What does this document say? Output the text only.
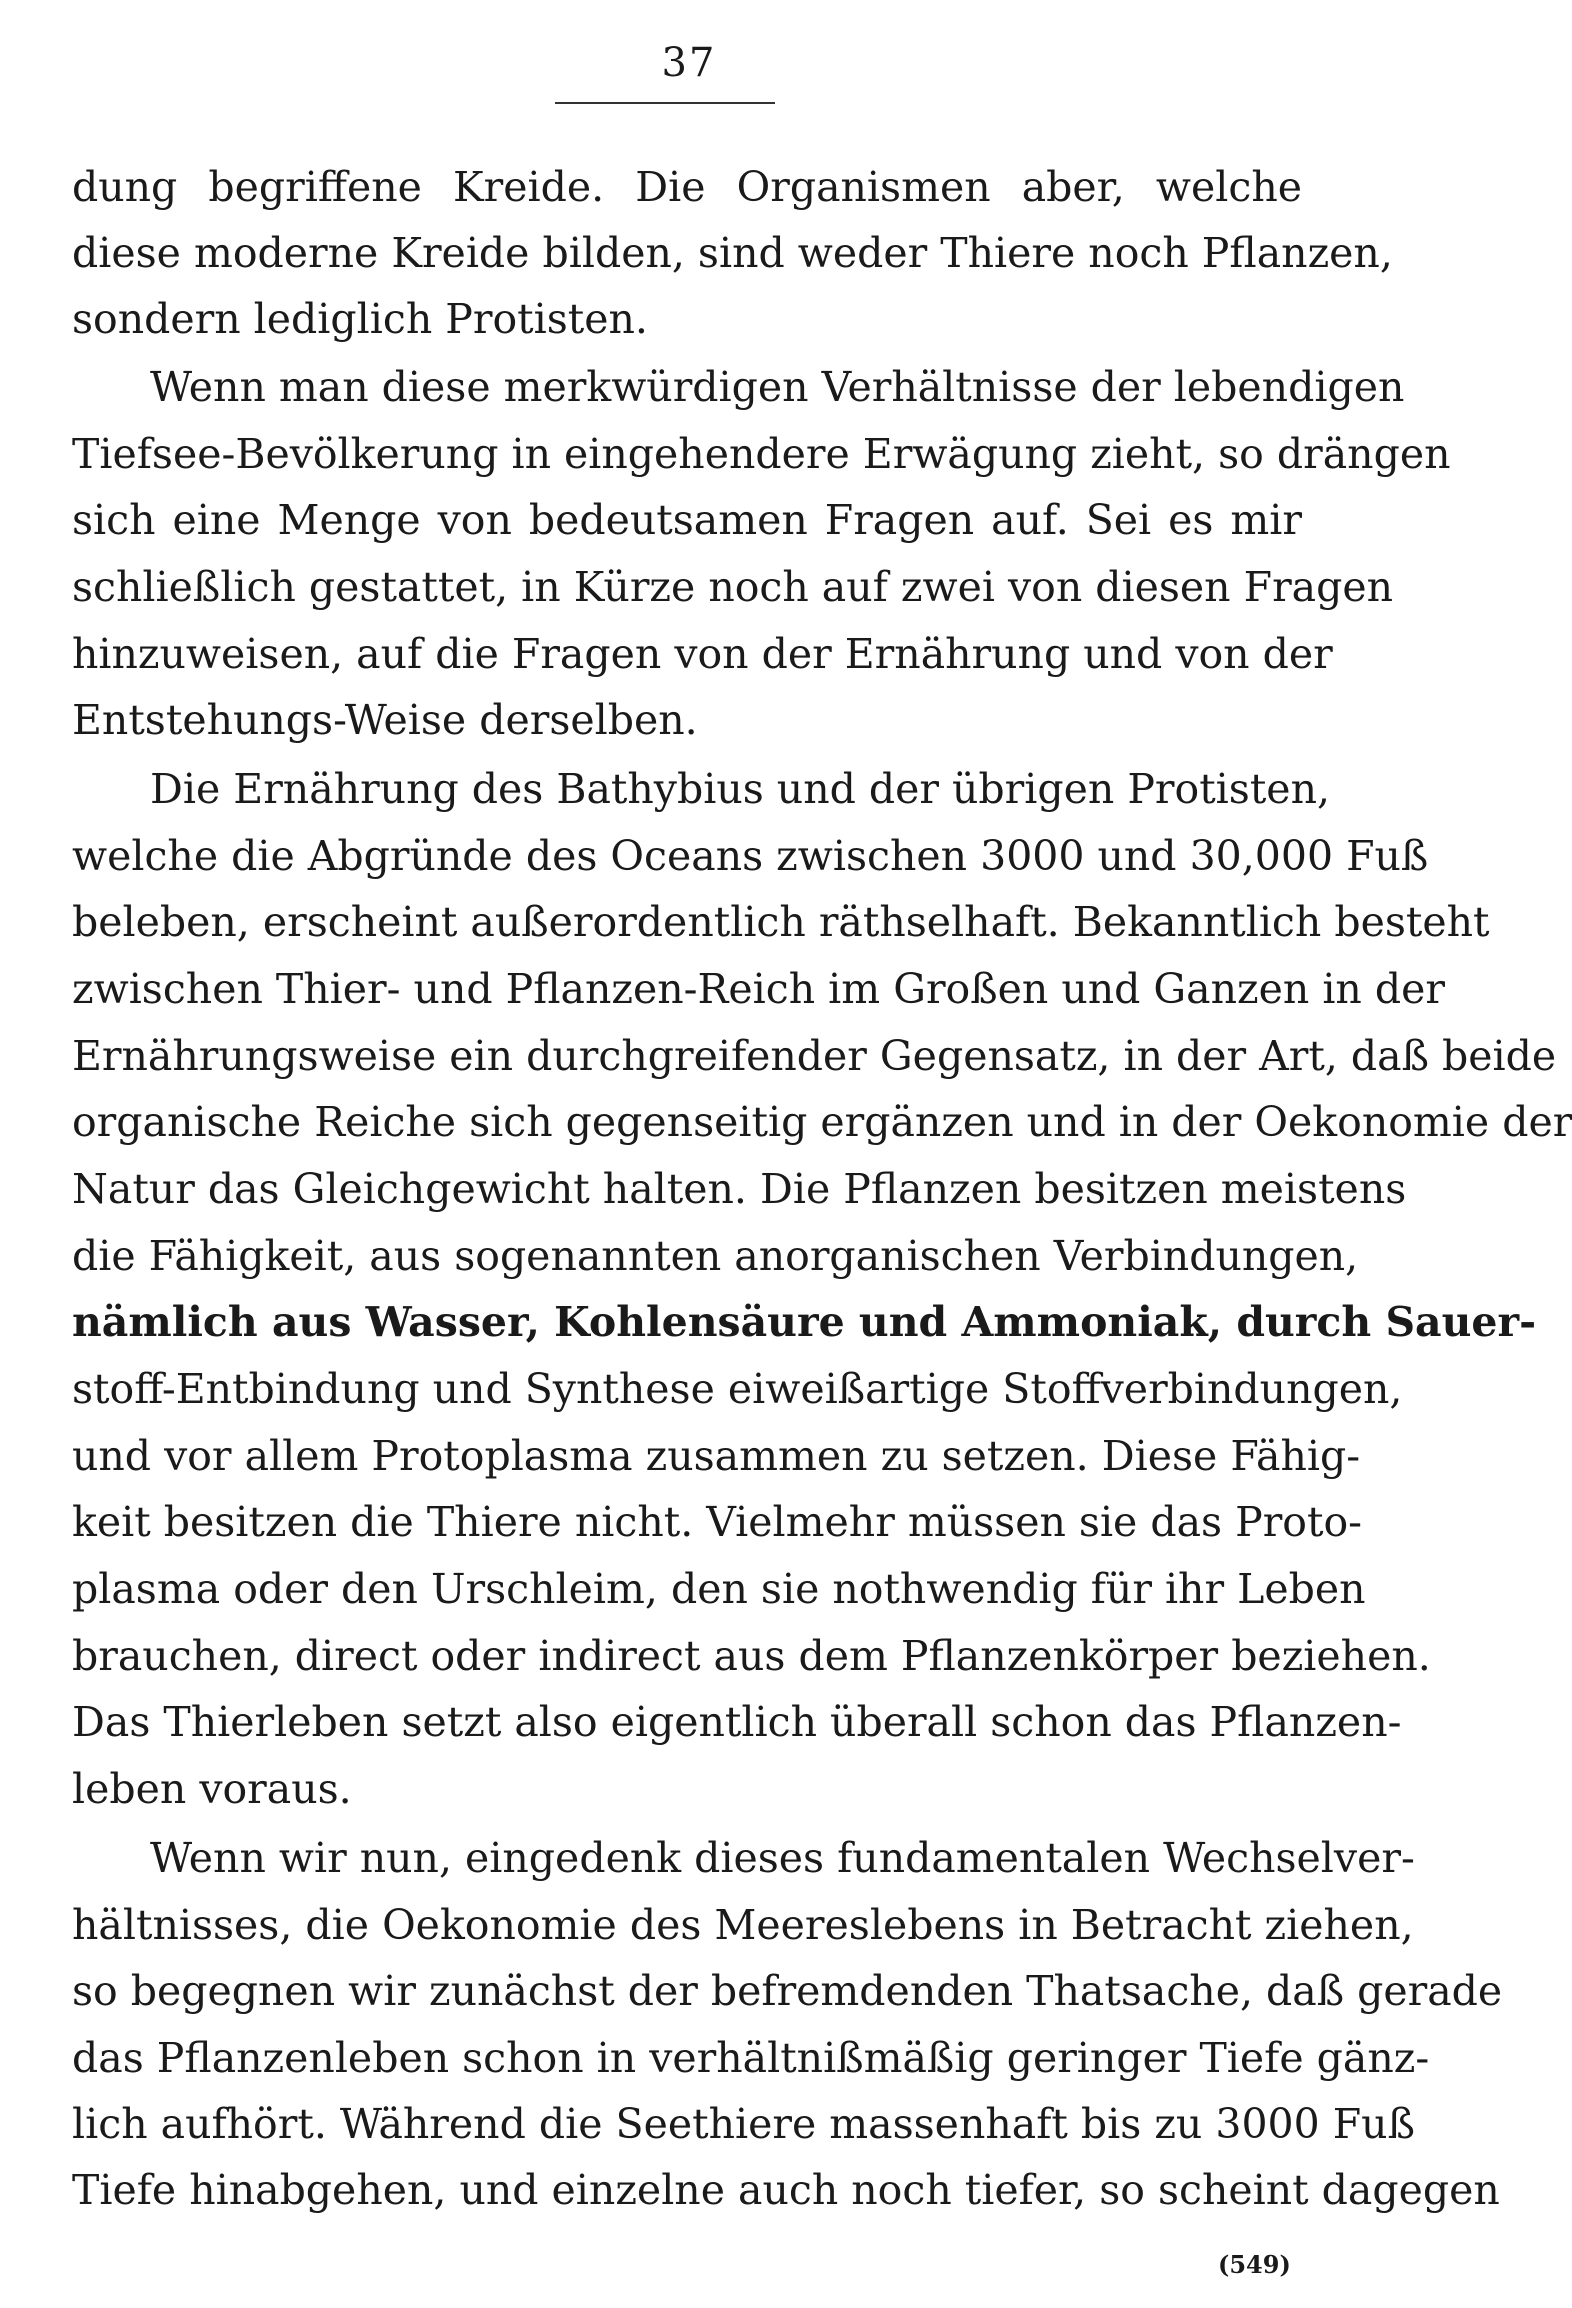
37
dung begriffene Kreide. Die Organismen aber, welche
diese moderne Kreide bilden, sind weder Thiere noch Pflanzen,
sondern lediglich Protisten.
Wenn man diese merkwürdigen Verhältnisse der lebendigen
Tiefsee-Bevölkerung in eingehendere Erwägung zieht, so drängen
sich eine Menge von bedeutsamen Fragen auf. Sei es mir
schließlich gestattet, in Kürze noch auf zwei von diesen Fragen
hinzuweisen, auf die Fragen von der Ernährung und von der
Entstehungs-Weise derselben.
Die Ernährung des Bathybius und der übrigen Protisten,
welche die Abgründe des Oceans zwischen 3000 und 30,000 Fuß
beleben, erscheint außerordentlich räthselhaft. Bekanntlich besteht
zwischen Thier- und Pflanzen-Reich im Großen und Ganzen in der
Ernährungsweise ein durchgreifender Gegensatz, in der Art, daß beide
organische Reiche sich gegenseitig ergänzen und in der Oekonomie der
Natur das Gleichgewicht halten. Die Pflanzen besitzen meistens
die Fähigkeit, aus sogenannten anorganischen Verbindungen,
nämlich aus Wasser, Kohlensäure und Ammoniak, durch Sauer-
stoff-Entbindung und Synthese eiweißartige Stoffverbindungen,
und vor allem Protoplasma zusammen zu setzen. Diese Fähig-
keit besitzen die Thiere nicht. Vielmehr müssen sie das Proto-
plasma oder den Urschleim, den sie nothwendig für ihr Leben
brauchen, direct oder indirect aus dem Pflanzenkörper beziehen.
Das Thierleben setzt also eigentlich überall schon das Pflanzen-
leben voraus.
Wenn wir nun, eingedenk dieses fundamentalen Wechselver-
hältnisses, die Oekonomie des Meereslebens in Betracht ziehen,
so begegnen wir zunächst der befremdenden Thatsache, daß gerade
das Pflanzenleben schon in verhältnißmäßig geringer Tiefe gänz-
lich aufhört. Während die Seethiere massenhaft bis zu 3000 Fuß
Tiefe hinabgehen, und einzelne auch noch tiefer, so scheint dagegen
(549)
